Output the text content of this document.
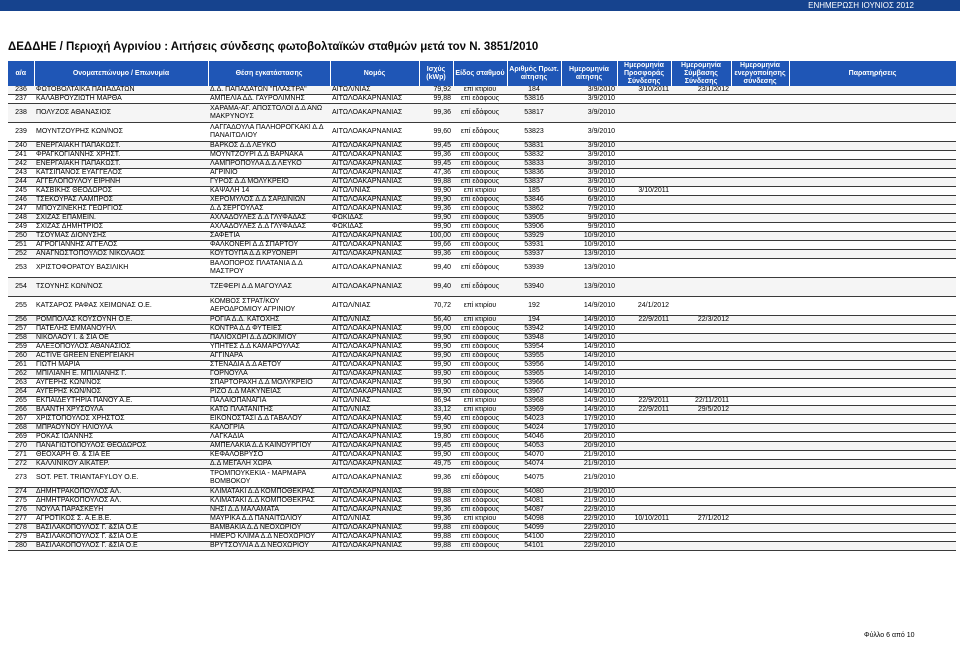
ΕΝΗΜΕΡΩΣΗ ΙΟΥΝΙΟΣ 2012
ΔΕΔΔΗΕ / Περιοχή Αγρινίου : Αιτήσεις σύνδεσης φωτοβολταϊκών σταθμών μετά τον Ν. 3851/2010
α/α	Ονοματεπώνυμο / Επωνυμία	Θέση εγκατάστασης	Νομός	Ισχύς (kWp)	Είδος σταθμού	Αριθμός Πρωτ. αίτησης	Ημερομηνία αίτησης	Ημερομηνία Προσφοράς Σύνδεσης	Ημερομηνία Σύμβασης Σύνδεσης	Ημερομηνία ενεργοποίησης σύνδεσης	Παρατηρήσεις
236	ΦΩΤΟΒΟΛΤΑΙΚΑ ΠΑΠΑΔΑΤΩΝ	Δ.Δ. ΠΑΠΑΔΑΤΩΝ "ΠΛΑΣΤΡΑ"	ΑΙΤΩΛ/ΝΙΑΣ	79,92	επί κτιρίου	184	3/9/2010	3/10/2011	23/1/2012		
237	ΚΑΛΑΒΡΟΥΖΙΩΤΗ ΜΑΡΘΑ	ΑΜΠΕΛΙΑ ΔΔ. ΓΑΥΡΟΛΙΜΝΗΣ	ΑΙΤΩΛΟΑΚΑΡΝΑΝΙΑΣ	99,88	επί εδάφους	53816	3/9/2010				
238	ΠΟΛΥΖΟΣ ΑΘΑΝΑΣΙΟΣ	ΧΑΡΑΜΑ-ΑΓ. ΑΠΟΣΤΟΛΟΙ Δ.Δ ΑΝΩ ΜΑΚΡΥΝΟΥΣ	ΑΙΤΩΛΟΑΚΑΡΝΑΝΙΑΣ	99,36	επί εδάφους	53817	3/9/2010				
239	ΜΟΥΝΤΖΟΥΡΗΣ ΚΩΝ/ΝΟΣ	ΛΑΓΓΑΔΟΥΛΑ ΠΑΛΗΟΡΟΓΚΑΚΙ Δ.Δ ΠΑΝΑΙΤΩΛΙΟΥ	ΑΙΤΩΛΟΑΚΑΡΝΑΝΙΑΣ	99,60	επί εδάφους	53823	3/9/2010				
240	ΕΝΕΡΓΑΙΑΚΗ ΠΑΠΑΚΩΣΤ.	ΒΑΡΚΟΣ Δ.Δ ΛΕΥΚΟ	ΑΙΤΩΛΟΑΚΑΡΝΑΝΙΑΣ	99,45	επί εδάφους	53831	3/9/2010				
241	ΦΡΑΓΚΟΓΙΑΝΝΗΣ ΧΡΗΣΤ.	ΜΟΥΝΤΖΟΥΡΙ Δ.Δ ΒΑΡΝΑΚΑ	ΑΙΤΩΛΟΑΚΑΡΝΑΝΙΑΣ	99,36	επί εδάφους	53832	3/9/2010				
242	ΕΝΕΡΓΑΙΑΚΗ ΠΑΠΑΚΩΣΤ.	ΛΑΜΠΡΟΠΟΥΛΑ Δ.Δ ΛΕΥΚΟ	ΑΙΤΩΛΟΑΚΑΡΝΑΝΙΑΣ	99,45	επί εδάφους	53833	3/9/2010				
243	ΚΑΤΣΙΠΑΝΟΣ ΕΥΑΓΓΕΛΟΣ	ΑΓΡΙΝΙΟ	ΑΙΤΩΛΟΑΚΑΡΝΑΝΙΑΣ	47,36	επί εδάφους	53836	3/9/2010				
244	ΑΓΓΕΛΟΠΟΥΛΟΥ ΕΙΡΗΝΗ	ΓΥΡΟΣ Δ.Δ ΜΟΛΥΚΡΕΙΟ	ΑΙΤΩΛΟΑΚΑΡΝΑΝΙΑΣ	99,88	επί εδάφους	53837	3/9/2010				
245	ΚΑΣΒΙΚΗΣ ΘΕΟΔΩΡΟΣ	ΚΑΨΑΛΗ 14	ΑΙΤΩΛ/ΝΙΑΣ	99,90	επί κτιρίου	185	6/9/2010	3/10/2011			
246	ΤΣΕΚΟΥΡΑΣ ΛΑΜΠΡΟΣ	ΧΕΡΟΜΥΛΟΣ Δ.Δ ΣΑΡΔΙΝΙΩΝ	ΑΙΤΩΛΟΑΚΑΡΝΑΝΙΑΣ	99,90	επί εδάφους	53846	6/9/2010				
247	ΜΠΟΥΖΙΝΕΚΗΣ ΓΕΩΡΓΙΟΣ	Δ.Δ ΣΕΡΓΟΥΛΑΣ	ΑΙΤΩΛΟΑΚΑΡΝΑΝΙΑΣ	99,36	επί εδάφους	53862	7/9/2010				
248	ΣΧΙΖΑΣ ΕΠΑΜΕΙΝ.	ΑΧΛΑΔΟΥΛΕΣ Δ.Δ ΓΛΥΦΑΔΑΣ	ΦΩΚΙΔΑΣ	99,90	επί εδάφους	53905	9/9/2010				
249	ΣΧΙΖΑΣ ΔΗΜΗΤΡΙΟΣ	ΑΧΛΑΔΟΥΛΕΣ Δ.Δ ΓΛΥΦΑΔΑΣ	ΦΩΚΙΔΑΣ	99,90	επί εδάφους	53906	9/9/2010				
250	ΤΣΟΥΜΑΣ ΔΙΟΝΥΣΗΣ	ΣΑΦΕΤΙΑ	ΑΙΤΩΛΟΑΚΑΡΝΑΝΙΑΣ	100,00	επί εδάφους	53929	10/9/2010				
251	ΑΓΡΟΓΙΑΝΝΗΣ ΑΓΓΕΛΟΣ	ΦΑΛΚΟΝΕΡΙ Δ.Δ ΣΠΑΡΤΟΥ	ΑΙΤΩΛΟΑΚΑΡΝΑΝΙΑΣ	99,66	επί εδάφους	53931	10/9/2010				
252	ΑΝΑΓΝΩΣΤΟΠΟΥΛΟΣ ΝΙΚΟΛΑΟΣ	ΚΟΥΤΟΥΠΑ Δ.Δ ΚΡΥΟΝΕΡΙ	ΑΙΤΩΛΟΑΚΑΡΝΑΝΙΑΣ	99,36	επί εδάφους	53937	13/9/2010				
253	ΧΡΙΣΤΟΦΟΡΑΤΟΥ ΒΑΣΙΛΙΚΗ	ΒΑΛΟΠΟΡΟΣ ΠΛΑΤΑΝΙΑ Δ.Δ ΜΑΣΤΡΟΥ	ΑΙΤΩΛΟΑΚΑΡΝΑΝΙΑΣ	99,40	επί εδάφους	53939	13/9/2010				
254	ΤΣΟΥΝΗΣ ΚΩΝ/ΝΟΣ	ΤΖΕΦΕΡΙ Δ.Δ ΜΑΓΟΥΛΑΣ	ΑΙΤΩΛΟΑΚΑΡΝΑΝΙΑΣ	99,40	επί εδάφους	53940	13/9/2010				
255	ΚΑΤΣΑΡΟΣ ΡΑΦΑΣ ΧΕΙΜΩΝΑΣ Ο.Ε.	ΚΟΜΒΟΣ ΣΤΡΑΤ/ΚΟΥ ΑΕΡΟΔΡΟΜΙΟΥ ΑΓΡΙΝΙΟΥ	ΑΙΤΩΛ/ΝΙΑΣ	70,72	επί κτιρίου	192	14/9/2010	24/1/2012			
256	ΡΟΜΠΟΛΑΣ ΚΟΥΣΟΥΝΗ Ο.Ε.	ΡΟΓΙΑ Δ.Δ. ΚΑΤΟΧΗΣ	ΑΙΤΩΛ/ΝΙΑΣ	56,40	επί κτιρίου	194	14/9/2010	22/9/2011	22/3/2012		
257	ΠΑΤΕΛΗΣ ΕΜΜΑΝΟΥΗΛ	ΚΟΝΤΡΑ Δ.Δ ΦΥΤΕΙΕΣ	ΑΙΤΩΛΟΑΚΑΡΝΑΝΙΑΣ	99,00	επί εδάφους	53942	14/9/2010				
258	ΝΙΚΟΛΑΟΥ Ι. & ΣΙΑ ΟΕ	ΠΑΛΙΟΧΩΡΙ Δ.Δ ΔΟΚΙΜΙΟΥ	ΑΙΤΩΛΟΑΚΑΡΝΑΝΙΑΣ	99,90	επί εδάφους	53948	14/9/2010				
259	ΑΛΕΞΟΠΟΥΛΟΣ ΑΘΑΝΑΣΙΟΣ	ΥΠΗΤΕΣ Δ.Δ ΚΑΜΑΡΟΥΛΑΣ	ΑΙΤΩΛΟΑΚΑΡΝΑΝΙΑΣ	99,90	επί εδάφους	53954	14/9/2010				
260	ACTIVE GREEN ΕΝΕΡΓΕΙΑΚΗ	ΑΓΓΙΝΑΡΑ	ΑΙΤΩΛΟΑΚΑΡΝΑΝΙΑΣ	99,90	επί εδάφους	53955	14/9/2010				
261	ΓΙΩΤΗ ΜΑΡΙΑ	ΣΤΕΝΑΔΙΑ Δ.Δ ΑΕΤΟΥ	ΑΙΤΩΛΟΑΚΑΡΝΑΝΙΑΣ	99,90	επί εδάφους	53956	14/9/2010				
262	ΜΠΙΛΙΑΝΗ Ε. ΜΠΙΛΙΑΝΗΣ Γ.	ΓΟΡΝΟΥΛΑ	ΑΙΤΩΛΟΑΚΑΡΝΑΝΙΑΣ	99,90	επί εδάφους	53965	14/9/2010				
263	ΑΥΓΕΡΗΣ ΚΩΝ/ΝΟΣ	ΣΠΑΡΤΟΡΑΧΗ Δ.Δ ΜΟΛΥΚΡΕΙΟ	ΑΙΤΩΛΟΑΚΑΡΝΑΝΙΑΣ	99,90	επί εδάφους	53966	14/9/2010				
264	ΑΥΓΕΡΗΣ ΚΩΝ/ΝΟΣ	ΡΙΖΟ Δ.Δ ΜΑΚΥΝΕΙΑΣ	ΑΙΤΩΛΟΑΚΑΡΝΑΝΙΑΣ	99,90	επί εδάφους	53967	14/9/2010				
265	ΕΚΠΑΙΔΕΥΤΗΡΙΑ ΠΑΝΟΥ Α.Ε.	ΠΑΛΑΙΟΠΑΝΑΓΙΑ	ΑΙΤΩΛ/ΝΙΑΣ	86,94	επί κτιρίου	53968	14/9/2010	22/9/2011	22/11/2011		
266	ΒΛΑΝΤΗ ΧΡΥΣΟΥΛΑ	ΚΑΤΩ ΠΛΑΤΑΝΙΤΗΣ	ΑΙΤΩΛ/ΝΙΑΣ	33,12	επί κτιρίου	53969	14/9/2010	22/9/2011	29/5/2012		
267	ΧΡΙΣΤΟΠΟΥΛΟΣ ΧΡΗΣΤΟΣ	ΕΙΚΟΝΟΣΤΑΣΙ Δ.Δ ΓΑΒΑΛΟΥ	ΑΙΤΩΛΟΑΚΑΡΝΑΝΙΑΣ	59,40	επί εδάφους	54023	17/9/2010				
268	ΜΠΡΑΟΥΝΟΥ ΗΛΙΟΥΛΑ	ΚΑΛΟΓΡΙΑ	ΑΙΤΩΛΟΑΚΑΡΝΑΝΙΑΣ	99,90	επί εδάφους	54024	17/9/2010				
269	ΡΟΚΑΣ ΙΩΑΝΝΗΣ	ΛΑΓΚΑΔΙΑ	ΑΙΤΩΛΟΑΚΑΡΝΑΝΙΑΣ	19,80	επί εδάφους	54046	20/9/2010				
270	ΠΑΝΑΓΙΩΤΟΠΟΥΛΟΣ ΘΕΟΔΩΡΟΣ	ΑΜΠΕΛΑΚΙΑ Δ.Δ ΚΑΙΝΟΥΡΓΙΟΥ	ΑΙΤΩΛΟΑΚΑΡΝΑΝΙΑΣ	99,45	επί εδάφους	54053	20/9/2010				
271	ΘΕΟΧΑΡΗ Θ. & ΣΙΑ ΕΕ	ΚΕΦΑΛΟΒΡΥΣΟ	ΑΙΤΩΛΟΑΚΑΡΝΑΝΙΑΣ	99,90	επί εδάφους	54070	21/9/2010				
272	ΚΑΛΛΙΝΙΚΟΥ ΑΙΚΑΤΕΡ.	Δ.Δ ΜΕΓΑΛΗ ΧΩΡΑ	ΑΙΤΩΛΟΑΚΑΡΝΑΝΙΑΣ	49,75	επί εδάφους	54074	21/9/2010				
273	SOT. PET. TRIANTAFYLOY O.E.	ΤΡΟΜΠΟΥΚΕΚΙΑ - ΜΑΡΜΑΡΑ ΒΟΜΒΟΚΟΥ	ΑΙΤΩΛΟΑΚΑΡΝΑΝΙΑΣ	99,36	επί εδάφους	54075	21/9/2010				
274	ΔΗΜΗΤΡΑΚΟΠΟΥΛΟΣ ΑΛ.	ΚΛΙΜΑΤΑΚΙ Δ.Δ ΚΟΜΠΟΘΕΚΡΑΣ	ΑΙΤΩΛΟΑΚΑΡΝΑΝΙΑΣ	99,88	επί εδάφους	54080	21/9/2010				
275	ΔΗΜΗΤΡΑΚΟΠΟΥΛΟΣ ΑΛ.	ΚΛΙΜΑΤΑΚΙ Δ.Δ ΚΟΜΠΟΘΕΚΡΑΣ	ΑΙΤΩΛΟΑΚΑΡΝΑΝΙΑΣ	99,88	επί εδάφους	54081	21/9/2010				
276	ΝΟΥΛΑ ΠΑΡΑΣΚΕΥΗ	ΝΗΣΙ Δ.Δ ΜΑΛΑΜΑΤΑ	ΑΙΤΩΛΟΑΚΑΡΝΑΝΙΑΣ	99,36	επί εδάφους	54087	22/9/2010				
277	ΑΓΡΟΤΙΚΟΣ Σ. Α.Ε.Β.Ε.	ΜΑΥΡΙΚΑ Δ.Δ ΠΑΝΑΙΤΩΛΙΟΥ	ΑΙΤΩΛ/ΝΙΑΣ	99,36	επί κτιρίου	54098	22/9/2010	10/10/2011	27/1/2012		
278	ΒΑΣΙΛΑΚΟΠΟΥΛΟΣ Γ. &ΣΙΑ Ο.Ε	ΒΑΜΒΑΚΙΑ Δ.Δ ΝΕΟΧΩΡΙΟΥ	ΑΙΤΩΛΟΑΚΑΡΝΑΝΙΑΣ	99,88	επί εδάφους	54099	22/9/2010				
279	ΒΑΣΙΛΑΚΟΠΟΥΛΟΣ Γ. &ΣΙΑ Ο.Ε	ΗΜΕΡΟ ΚΛΙΜΑ Δ.Δ ΝΕΟΧΩΡΙΟΥ	ΑΙΤΩΛΟΑΚΑΡΝΑΝΙΑΣ	99,88	επί εδάφους	54100	22/9/2010				
280	ΒΑΣΙΛΑΚΟΠΟΥΛΟΣ Γ. &ΣΙΑ Ο.Ε	ΒΡΥΤΣΟΥΛΙΑ Δ.Δ ΝΕΟΧΩΡΙΟΥ	ΑΙΤΩΛΟΑΚΑΡΝΑΝΙΑΣ	99,88	επί εδάφους	54101	22/9/2010				
Φύλλο 6 από 10
